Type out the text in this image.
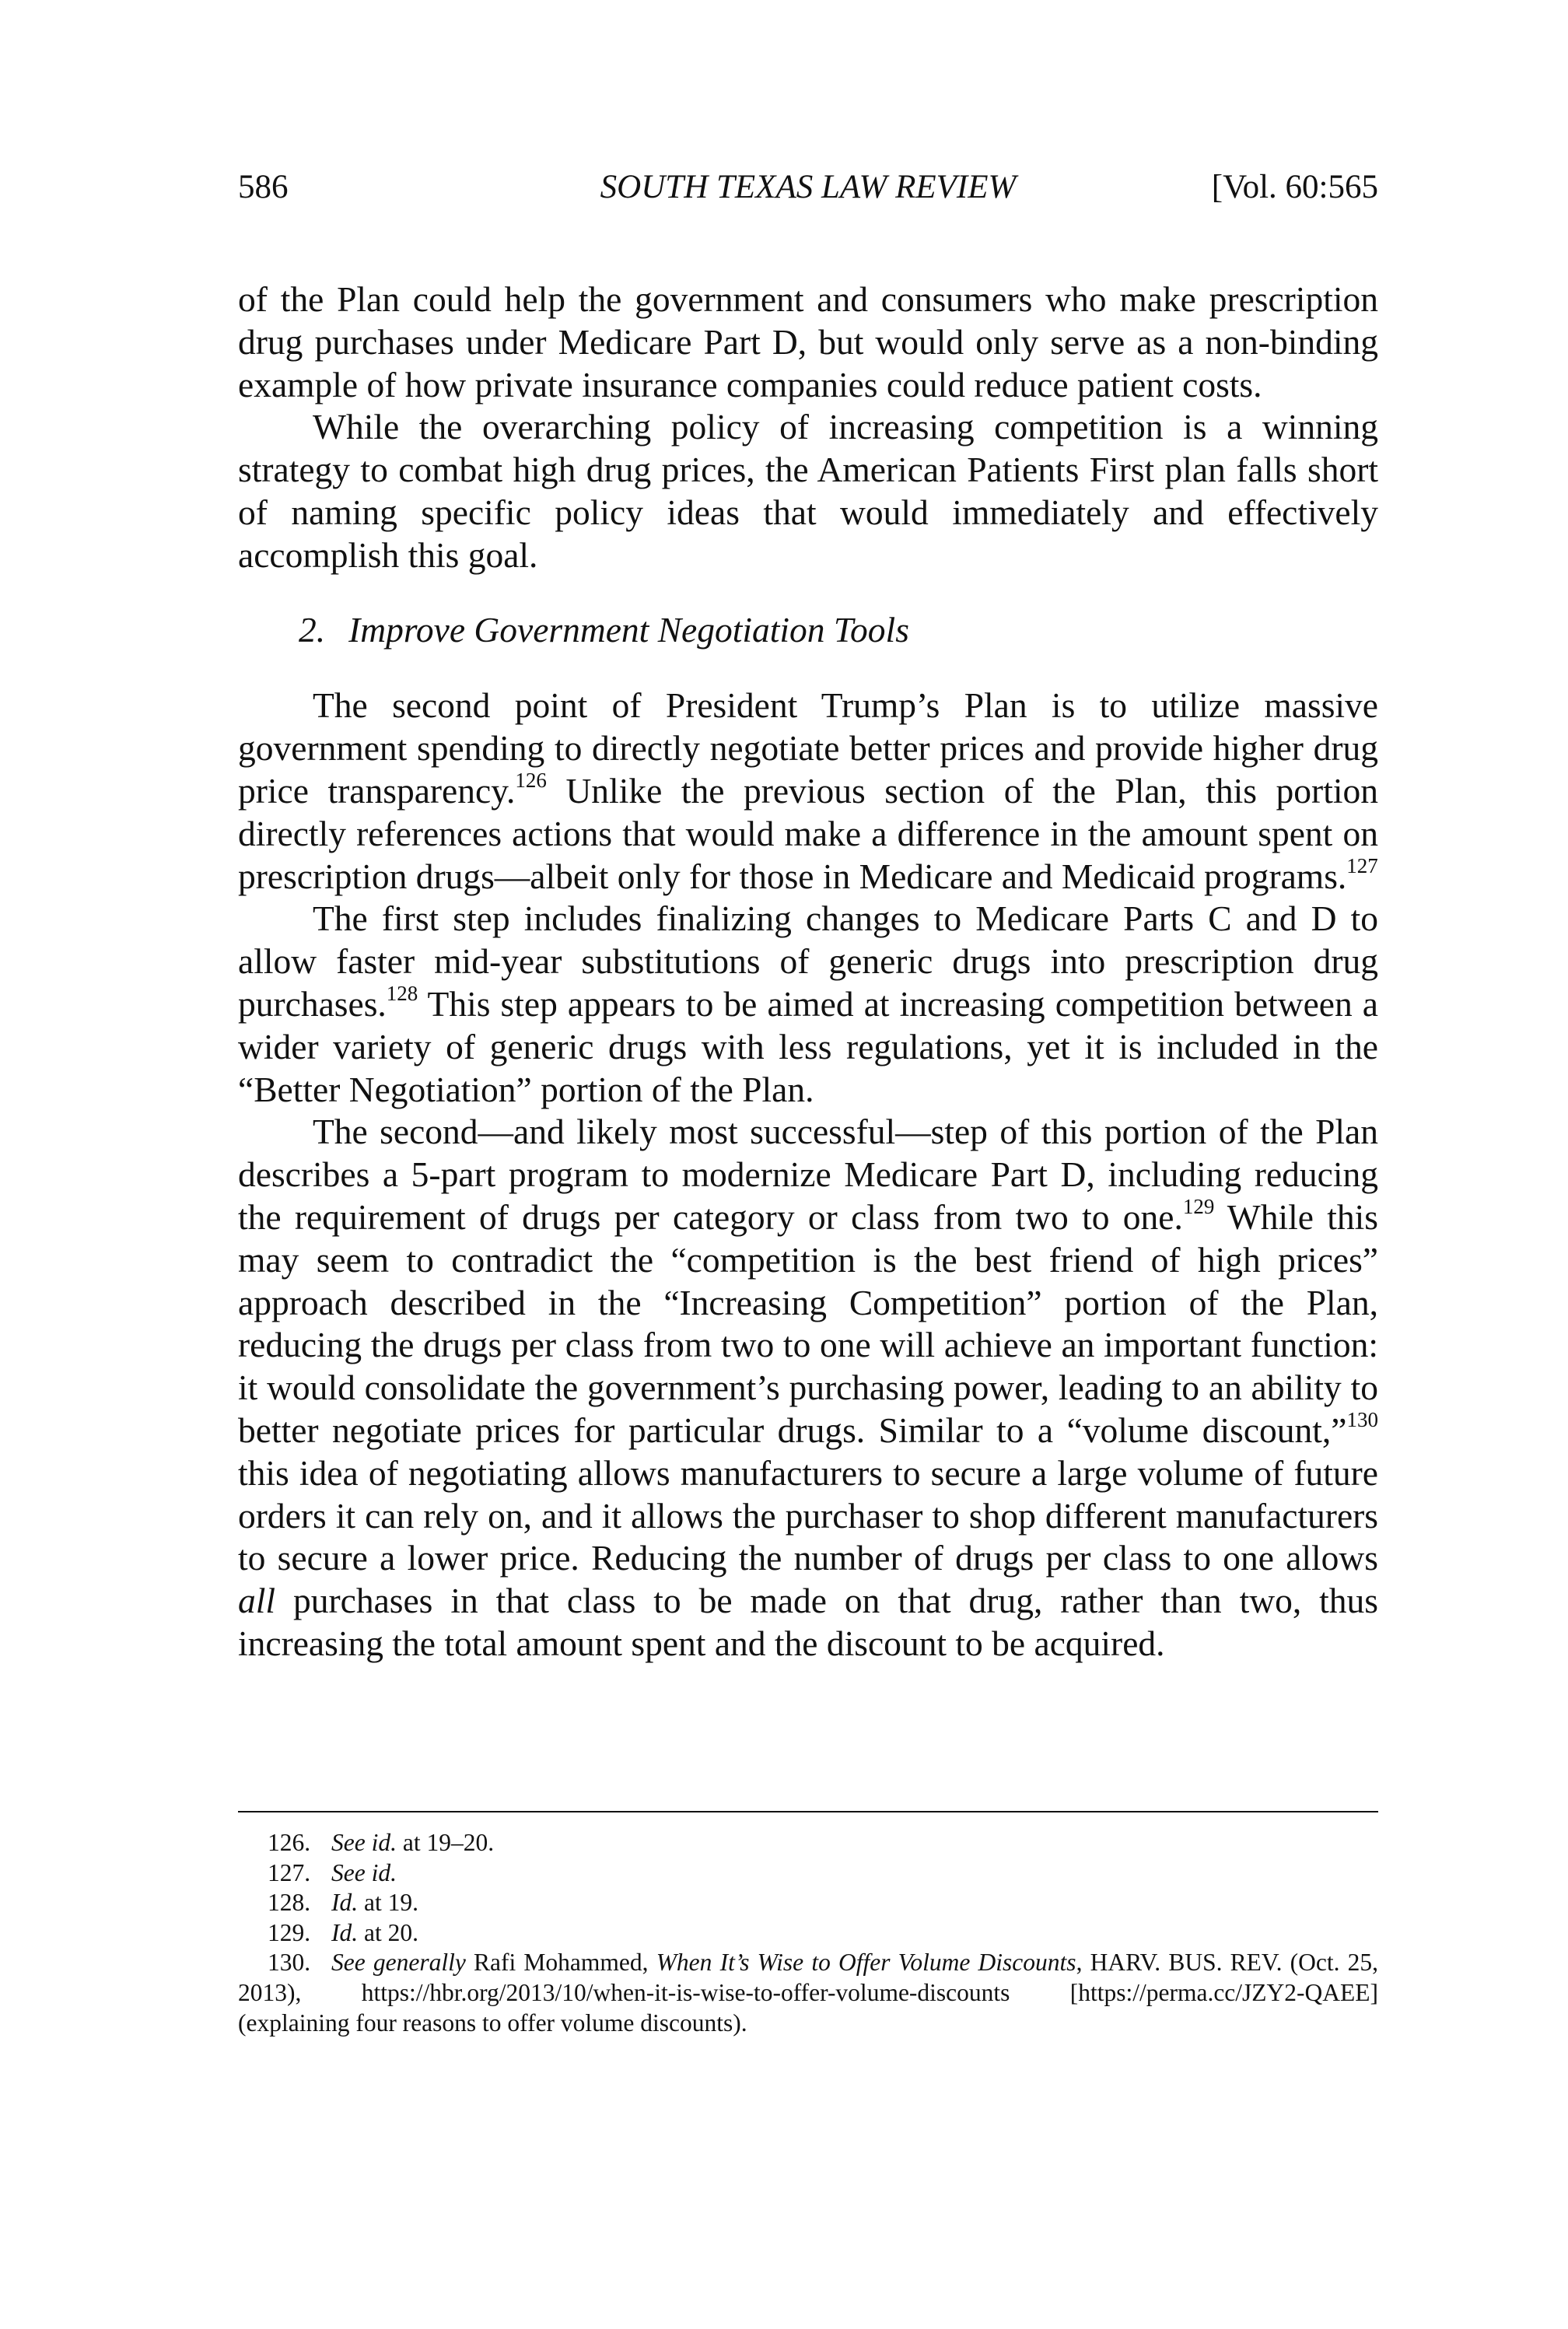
586	SOUTH TEXAS LAW REVIEW	[Vol. 60:565

of the Plan could help the government and consumers who make prescription drug purchases under Medicare Part D, but would only serve as a non-binding example of how private insurance companies could reduce patient costs.

While the overarching policy of increasing competition is a winning strategy to combat high drug prices, the American Patients First plan falls short of naming specific policy ideas that would immediately and effectively accomplish this goal.

2. Improve Government Negotiation Tools

The second point of President Trump’s Plan is to utilize massive government spending to directly negotiate better prices and provide higher drug price transparency.$^{126}$ Unlike the previous section of the Plan, this portion directly references actions that would make a difference in the amount spent on prescription drugs—albeit only for those in Medicare and Medicaid programs.$^{127}$

The first step includes finalizing changes to Medicare Parts C and D to allow faster mid-year substitutions of generic drugs into prescription drug purchases.$^{128}$ This step appears to be aimed at increasing competition between a wider variety of generic drugs with less regulations, yet it is included in the “Better Negotiation” portion of the Plan.

The second—and likely most successful—step of this portion of the Plan describes a 5-part program to modernize Medicare Part D, including reducing the requirement of drugs per category or class from two to one.$^{129}$ While this may seem to contradict the “competition is the best friend of high prices” approach described in the “Increasing Competition” portion of the Plan, reducing the drugs per class from two to one will achieve an important function: it would consolidate the government’s purchasing power, leading to an ability to better negotiate prices for particular drugs. Similar to a “volume discount,”$^{130}$ this idea of negotiating allows manufacturers to secure a large volume of future orders it can rely on, and it allows the purchaser to shop different manufacturers to secure a lower price. Reducing the number of drugs per class to one allows all purchases in that class to be made on that drug, rather than two, thus increasing the total amount spent and the discount to be acquired.

126. See id. at 19–20.

127. See id.

128. Id. at 19.

129. Id. at 20.

130. See generally Rafi Mohammed, When It’s Wise to Offer Volume Discounts, HARV. BUS. REV. (Oct. 25, 2013), https://hbr.org/2013/10/when-it-is-wise-to-offer-volume-discounts [https://perma.cc/JZY2-QAEE] (explaining four reasons to offer volume discounts).
